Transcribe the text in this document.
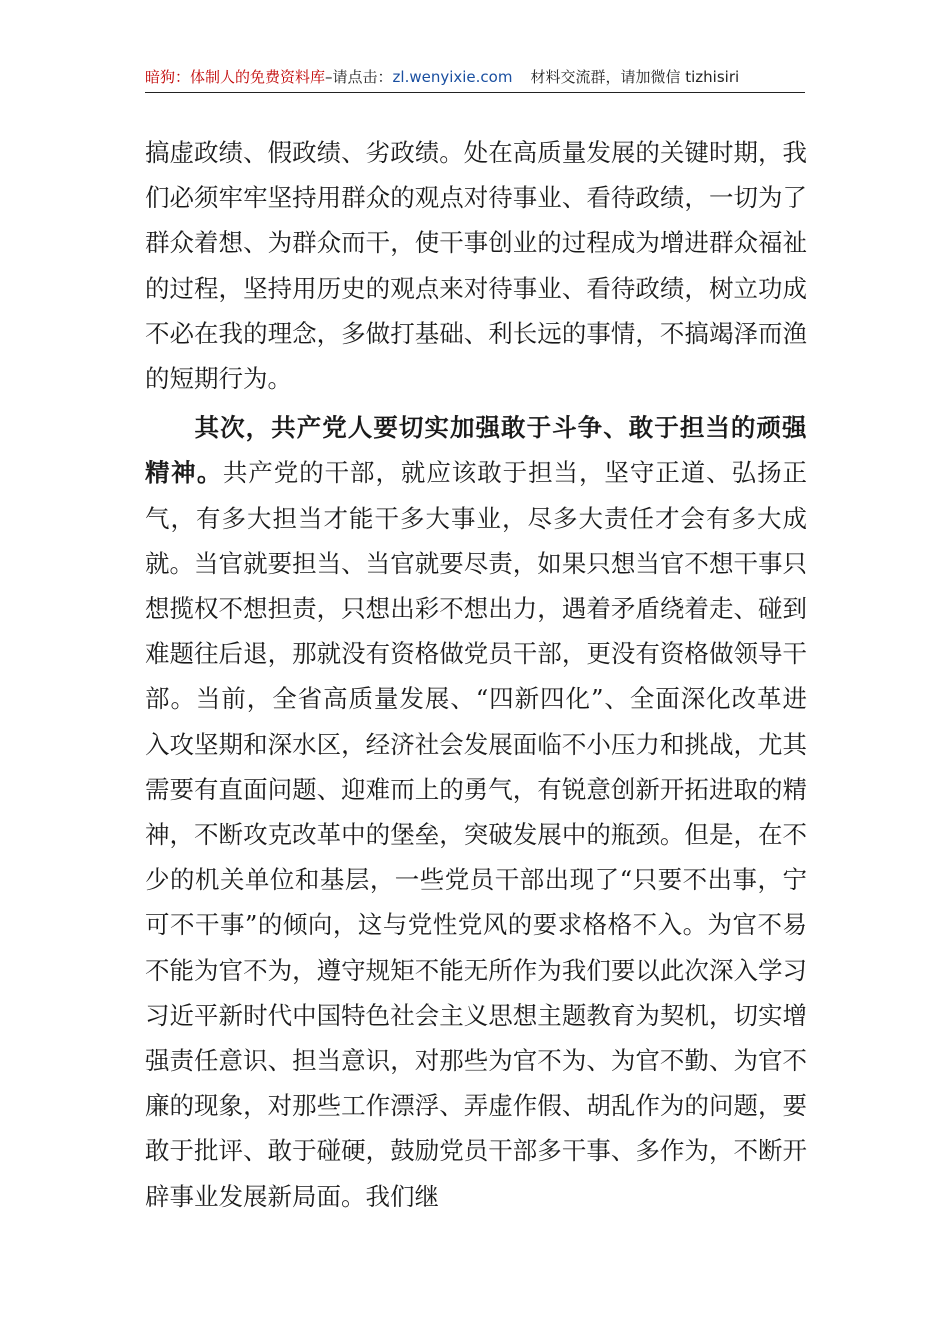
暗狗：体制人的免费资料库–请点击：zl.wenyixie.com 材料交流群，请加微信 tizhisiri

搞虚政绩、假政绩、劣政绩。处在高质量发展的关键时期，我们必须牢牢坚持用群众的观点对待事业、看待政绩，一切为了群众着想、为群众而干，使干事创业的过程成为增进群众福祉的过程，坚持用历史的观点来对待事业、看待政绩，树立功成不必在我的理念，多做打基础、利长远的事情，不搞竭泽而渔的短期行为。

其次，共产党人要切实加强敢于斗争、敢于担当的顽强精神。共产党的干部，就应该敢于担当，坚守正道、弘扬正气，有多大担当才能干多大事业，尽多大责任才会有多大成就。当官就要担当、当官就要尽责，如果只想当官不想干事只想揽权不想担责，只想出彩不想出力，遇着矛盾绕着走、碰到难题往后退，那就没有资格做党员干部，更没有资格做领导干部。当前，全省高质量发展、“四新四化”、全面深化改革进入攻坚期和深水区，经济社会发展面临不小压力和挑战，尤其需要有直面问题、迎难而上的勇气，有锐意创新开拓进取的精神，不断攻克改革中的堡垒，突破发展中的瓶颈。但是，在不少的机关单位和基层，一些党员干部出现了“只要不出事，宁可不干事”的倾向，这与党性党风的要求格格不入。为官不易不能为官不为，遵守规矩不能无所作为我们要以此次深入学习习近平新时代中国特色社会主义思想主题教育为契机，切实增强责任意识、担当意识，对那些为官不为、为官不勤、为官不廉的现象，对那些工作漂浮、弄虚作假、胡乱作为的问题，要敢于批评、敢于碰硬，鼓励党员干部多干事、多作为，不断开辟事业发展新局面。我们继
